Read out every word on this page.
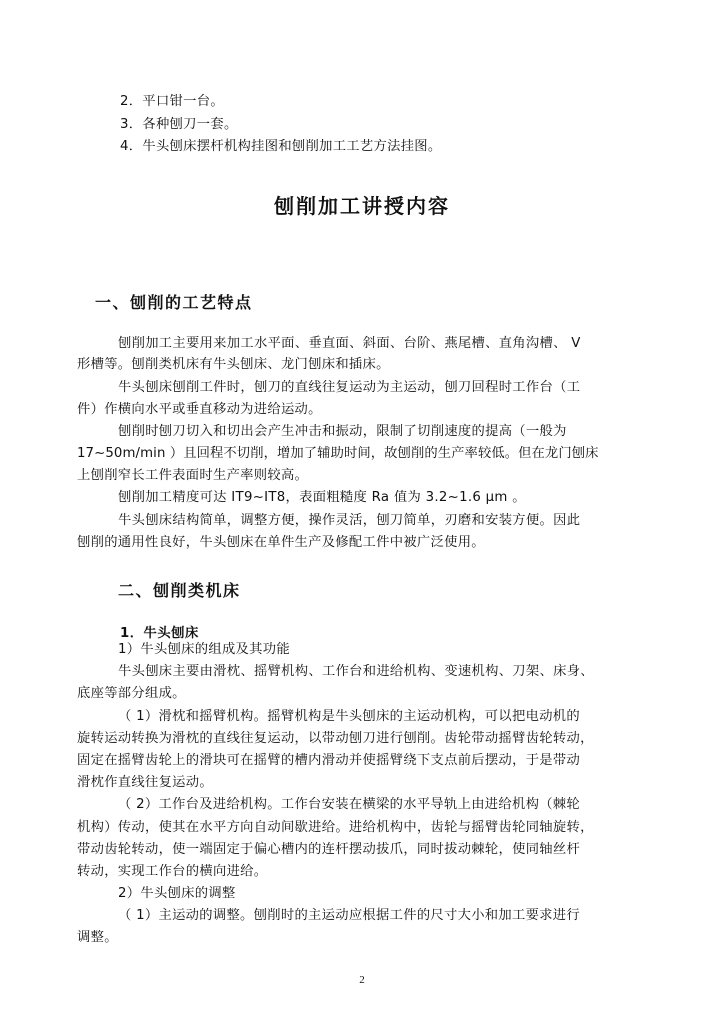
2．平口钳一台。
3．各种刨刀一套。
4．牛头刨床摆杆机构挂图和刨削加工工艺方法挂图。
刨削加工讲授内容
一、刨削的工艺特点
刨削加工主要用来加工水平面、垂直面、斜面、台阶、燕尾槽、直角沟槽、 V
形槽等。刨削类机床有牛头刨床、龙门刨床和插床。
牛头刨床刨削工件时，刨刀的直线往复运动为主运动，刨刀回程时工作台（工
件）作横向水平或垂直移动为进给运动。
刨削时刨刀切入和切出会产生冲击和振动，限制了切削速度的提高（一般为
17~50m/min ）且回程不切削，增加了辅助时间，故刨削的生产率较低。但在龙门刨床
上刨削窄长工件表面时生产率则较高。
刨削加工精度可达 IT9~IT8，表面粗糙度 Ra 值为 3.2~1.6 μm 。
牛头刨床结构简单，调整方便，操作灵活，刨刀简单，刃磨和安装方便。因此
刨削的通用性良好，牛头刨床在单件生产及修配工件中被广泛使用。
二、刨削类机床
1．牛头刨床
1）牛头刨床的组成及其功能
牛头刨床主要由滑枕、摇臂机构、工作台和进给机构、变速机构、刀架、床身、
底座等部分组成。
（ 1）滑枕和摇臂机构。摇臂机构是牛头刨床的主运动机构，可以把电动机的
旋转运动转换为滑枕的直线往复运动，以带动刨刀进行刨削。齿轮带动摇臂齿轮转动，
固定在摇臂齿轮上的滑块可在摇臂的槽内滑动并使摇臂绕下支点前后摆动，于是带动
滑枕作直线往复运动。
（ 2）工作台及进给机构。工作台安装在横梁的水平导轨上由进给机构（棘轮
机构）传动，使其在水平方向自动间歇进给。进给机构中，齿轮与摇臂齿轮同轴旋转，
带动齿轮转动，使一端固定于偏心槽内的连杆摆动拔爪，同时拔动棘轮，使同轴丝杆
转动，实现工作台的横向进给。
2）牛头刨床的调整
（ 1）主运动的调整。刨削时的主运动应根据工件的尺寸大小和加工要求进行
调整。
2
